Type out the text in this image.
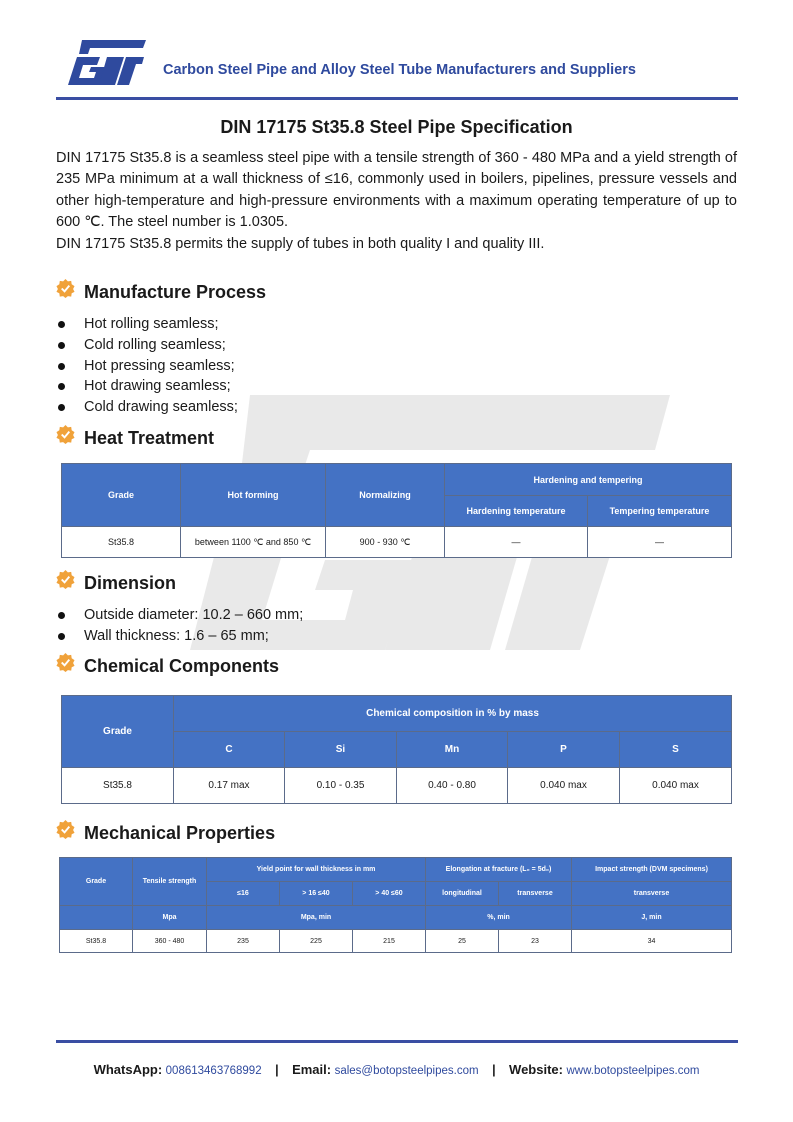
Carbon Steel Pipe and Alloy Steel Tube Manufacturers and Suppliers
DIN 17175 St35.8 Steel Pipe Specification

DIN 17175 St35.8 is a seamless steel pipe with a tensile strength of 360 - 480 MPa and a yield strength of 235 MPa minimum at a wall thickness of ≤16, commonly used in boilers, pipelines, pressure vessels and other high-temperature and high-pressure environments with a maximum operating temperature of up to 600 ℃. The steel number is 1.0305.

DIN 17175 St35.8 permits the supply of tubes in both quality I and quality III.

Manufacture Process
Hot rolling seamless;
Cold rolling seamless;
Hot pressing seamless;
Hot drawing seamless;
Cold drawing seamless;
Heat Treatment
Grade	Hot forming	Normalizing	Hardening and tempering	
			Hardening temperature	Tempering temperature
St35.8	between 1100 ℃ and 850 ℃	900 - 930 ℃	—	—
Dimension
Outside diameter: 10.2 – 660 mm;
Wall thickness: 1.6 – 65 mm;
Chemical Components
Grade	Chemical composition in % by mass				
	C	Si	Mn	P	S
St35.8	0.17 max	0.10 - 0.35	0.40 - 0.80	0.040 max	0.040 max
Mechanical Properties
Grade	Tensile strength	Yield point for wall thickness in mm			Elongation at fracture (L₀ = 5d₀)		Impact strength (DVM specimens)
		≤16	> 16 ≤40	> 40 ≤60	longitudinal	transverse	transverse
	Mpa	Mpa, min			%, min		J, min
St35.8	360 - 480	235	225	215	25	23	34
WhatsApp: 008613463768992 | Email: sales@botopsteelpipes.com | Website: www.botopsteelpipes.com
